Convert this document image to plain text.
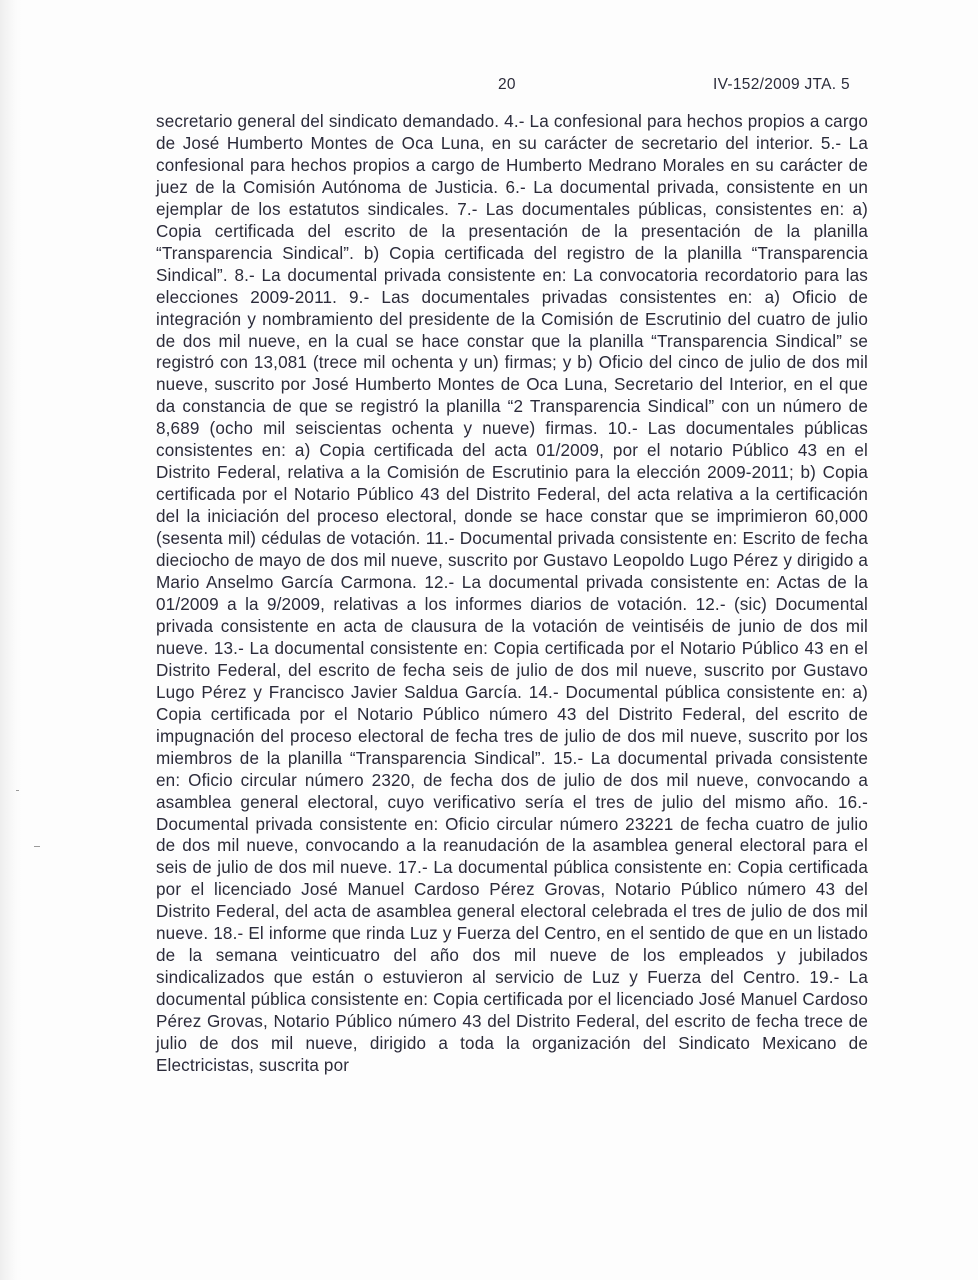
20	IV-152/2009 JTA. 5

secretario general del sindicato demandado. 4.- La confesional para hechos propios a cargo de José Humberto Montes de Oca Luna, en su carácter de secretario del interior. 5.- La confesional para hechos propios a cargo de Humberto Medrano Morales en su carácter de juez de la Comisión Autónoma de Justicia. 6.- La documental privada, consistente en un ejemplar de los estatutos sindicales. 7.- Las documentales públicas, consistentes en: a) Copia certificada del escrito de la presentación de la presentación de la planilla “Transparencia Sindical”. b) Copia certificada del registro de la planilla “Transparencia Sindical”. 8.- La documental privada consistente en: La convocatoria recordatorio para las elecciones 2009-2011. 9.- Las documentales privadas consistentes en: a) Oficio de integración y nombramiento del presidente de la Comisión de Escrutinio del cuatro de julio de dos mil nueve, en la cual se hace constar que la planilla “Transparencia Sindical” se registró con 13,081 (trece mil ochenta y un) firmas; y b) Oficio del cinco de julio de dos mil nueve, suscrito por José Humberto Montes de Oca Luna, Secretario del Interior, en el que da constancia de que se registró la planilla “2 Transparencia Sindical” con un número de 8,689 (ocho mil seiscientas ochenta y nueve) firmas. 10.- Las documentales públicas consistentes en: a) Copia certificada del acta 01/2009, por el notario Público 43 en el Distrito Federal, relativa a la Comisión de Escrutinio para la elección 2009-2011; b) Copia certificada por el Notario Público 43 del Distrito Federal, del acta relativa a la certificación del la iniciación del proceso electoral, donde se hace constar que se imprimieron 60,000 (sesenta mil) cédulas de votación. 11.- Documental privada consistente en: Escrito de fecha dieciocho de mayo de dos mil nueve, suscrito por Gustavo Leopoldo Lugo Pérez y dirigido a Mario Anselmo García Carmona. 12.- La documental privada consistente en: Actas de la 01/2009 a la 9/2009, relativas a los informes diarios de votación. 12.- (sic) Documental privada consistente en acta de clausura de la votación de veintiséis de junio de dos mil nueve. 13.- La documental consistente en: Copia certificada por el Notario Público 43 en el Distrito Federal, del escrito de fecha seis de julio de dos mil nueve, suscrito por Gustavo Lugo Pérez y Francisco Javier Saldua García. 14.- Documental pública consistente en: a) Copia certificada por el Notario Público número 43 del Distrito Federal, del escrito de impugnación del proceso electoral de fecha tres de julio de dos mil nueve, suscrito por los miembros de la planilla “Transparencia Sindical”. 15.- La documental privada consistente en: Oficio circular número 2320, de fecha dos de julio de dos mil nueve, convocando a asamblea general electoral, cuyo verificativo sería el tres de julio del mismo año. 16.- Documental privada consistente en: Oficio circular número 23221 de fecha cuatro de julio de dos mil nueve, convocando a la reanudación de la asamblea general electoral para el seis de julio de dos mil nueve. 17.- La documental pública consistente en: Copia certificada por el licenciado José Manuel Cardoso Pérez Grovas, Notario Público número 43 del Distrito Federal, del acta de asamblea general electoral celebrada el tres de julio de dos mil nueve. 18.- El informe que rinda Luz y Fuerza del Centro, en el sentido de que en un listado de la semana veinticuatro del año dos mil nueve de los empleados y jubilados sindicalizados que están o estuvieron al servicio de Luz y Fuerza del Centro. 19.- La documental pública consistente en: Copia certificada por el licenciado José Manuel Cardoso Pérez Grovas, Notario Público número 43 del Distrito Federal, del escrito de fecha trece de julio de dos mil nueve, dirigido a toda la organización del Sindicato Mexicano de Electricistas, suscrita por
